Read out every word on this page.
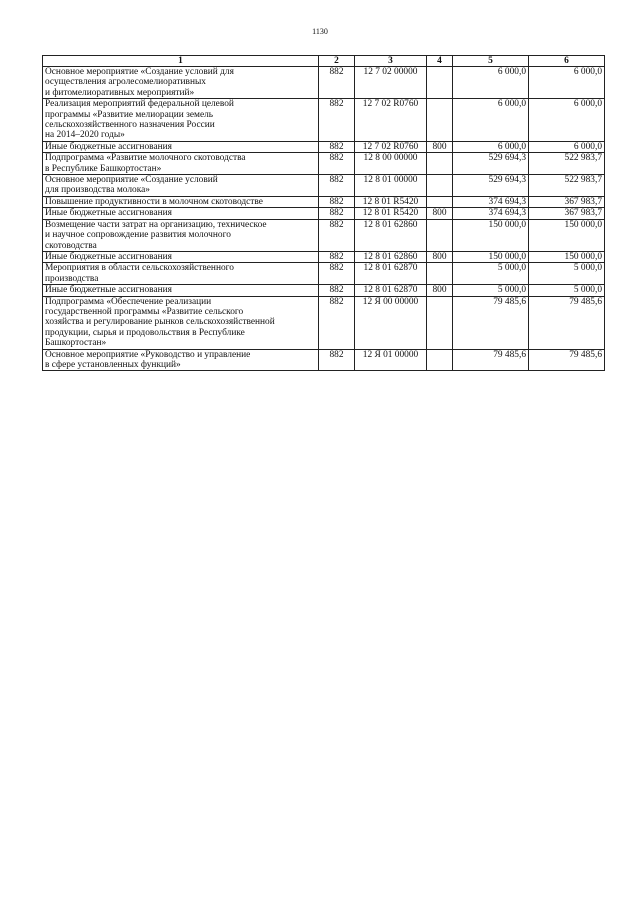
1130
1	2	3	4	5	6
Основное мероприятие «Создание условий для
осуществления агролесомелиоративных
и фитомелиоративных мероприятий»	882	12 7 02 00000		6 000,0	6 000,0
Реализация мероприятий федеральной целевой
программы «Развитие мелиорации земель
сельскохозяйственного назначения России
на 2014–2020 годы»	882	12 7 02 R0760		6 000,0	6 000,0
Иные бюджетные ассигнования	882	12 7 02 R0760	800	6 000,0	6 000,0
Подпрограмма «Развитие молочного скотоводства
в Республике Башкортостан»	882	12 8 00 00000		529 694,3	522 983,7
Основное мероприятие «Создание условий
для производства молока»	882	12 8 01 00000		529 694,3	522 983,7
Повышение продуктивности в молочном скотоводстве	882	12 8 01 R5420		374 694,3	367 983,7
Иные бюджетные ассигнования	882	12 8 01 R5420	800	374 694,3	367 983,7
Возмещение части затрат на организацию, техническое
и научное сопровождение развития молочного
скотоводства	882	12 8 01 62860		150 000,0	150 000,0
Иные бюджетные ассигнования	882	12 8 01 62860	800	150 000,0	150 000,0
Мероприятия в области сельскохозяйственного
производства	882	12 8 01 62870		5 000,0	5 000,0
Иные бюджетные ассигнования	882	12 8 01 62870	800	5 000,0	5 000,0
Подпрограмма «Обеспечение реализации
государственной программы «Развитие сельского
хозяйства и регулирование рынков сельскохозяйственной
продукции, сырья и продовольствия в Республике
Башкортостан»	882	12 Я 00 00000		79 485,6	79 485,6
Основное мероприятие «Руководство и управление
в сфере установленных функций»	882	12 Я 01 00000		79 485,6	79 485,6
